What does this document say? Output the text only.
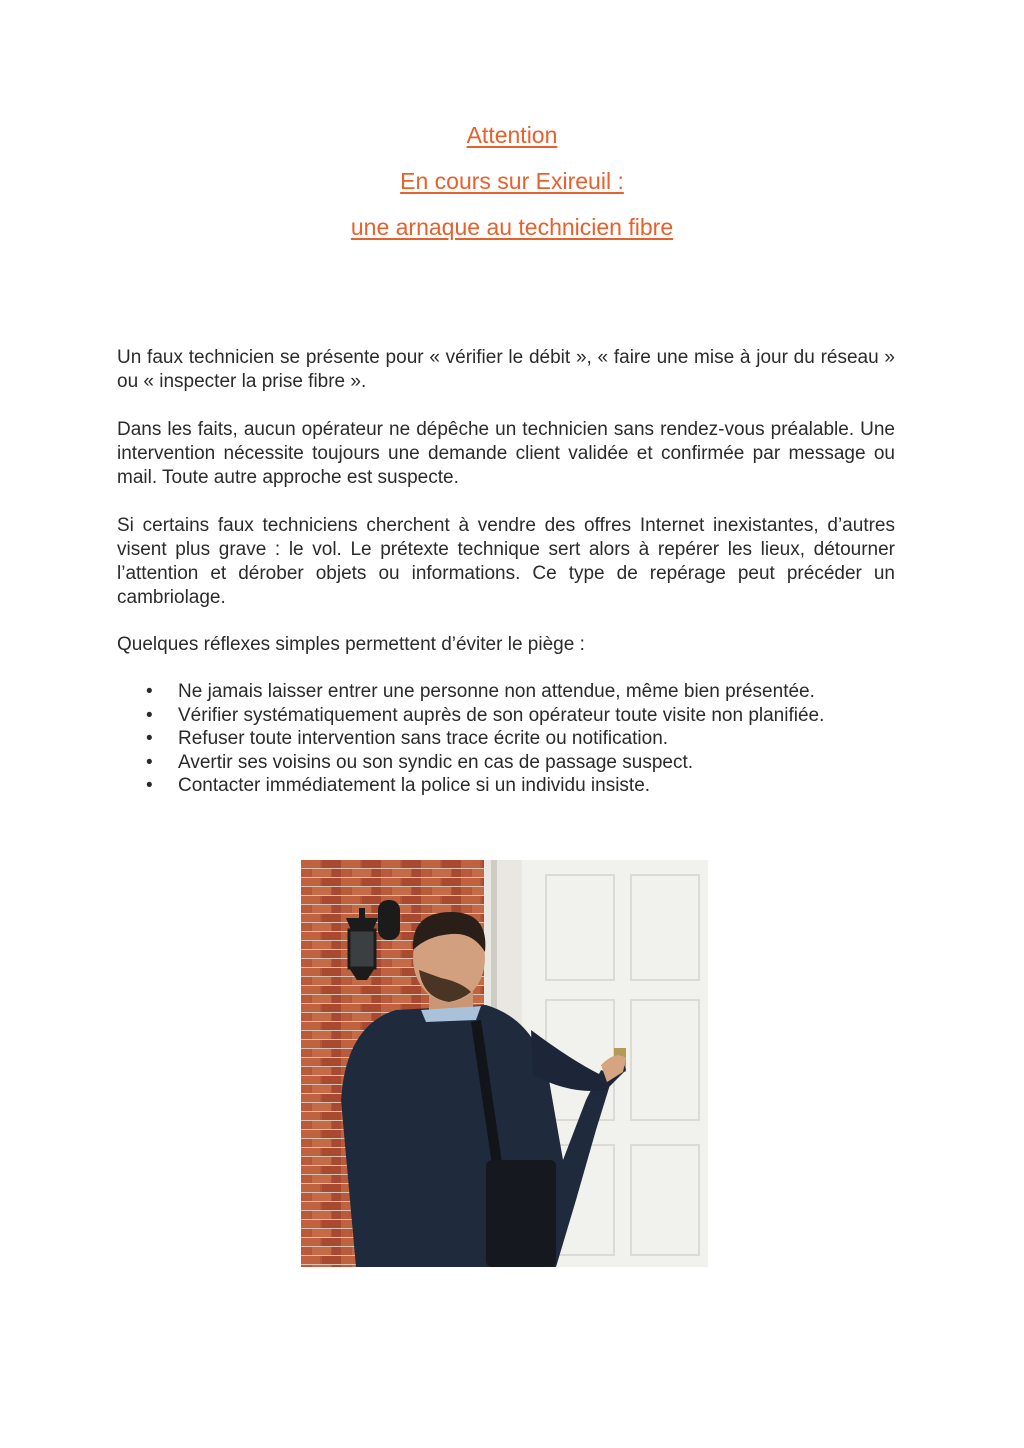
Attention

En cours sur Exireuil :

une arnaque au technicien fibre

Un faux technicien se présente pour « vérifier le débit », « faire une mise à jour du réseau » ou « inspecter la prise fibre ».

Dans les faits, aucun opérateur ne dépêche un technicien sans rendez-vous préalable. Une intervention nécessite toujours une demande client validée et confirmée par message ou mail. Toute autre approche est suspecte.

Si certains faux techniciens cherchent à vendre des offres Internet inexistantes, d’autres visent plus grave : le vol. Le prétexte technique sert alors à repérer les lieux, détourner l’attention et dérober objets ou informations. Ce type de repérage peut précéder un cambriolage.

Quelques réflexes simples permettent d’éviter le piège :

• Ne jamais laisser entrer une personne non attendue, même bien présentée.
• Vérifier systématiquement auprès de son opérateur toute visite non planifiée.
• Refuser toute intervention sans trace écrite ou notification.
• Avertir ses voisins ou son syndic en cas de passage suspect.
• Contacter immédiatement la police si un individu insiste.
